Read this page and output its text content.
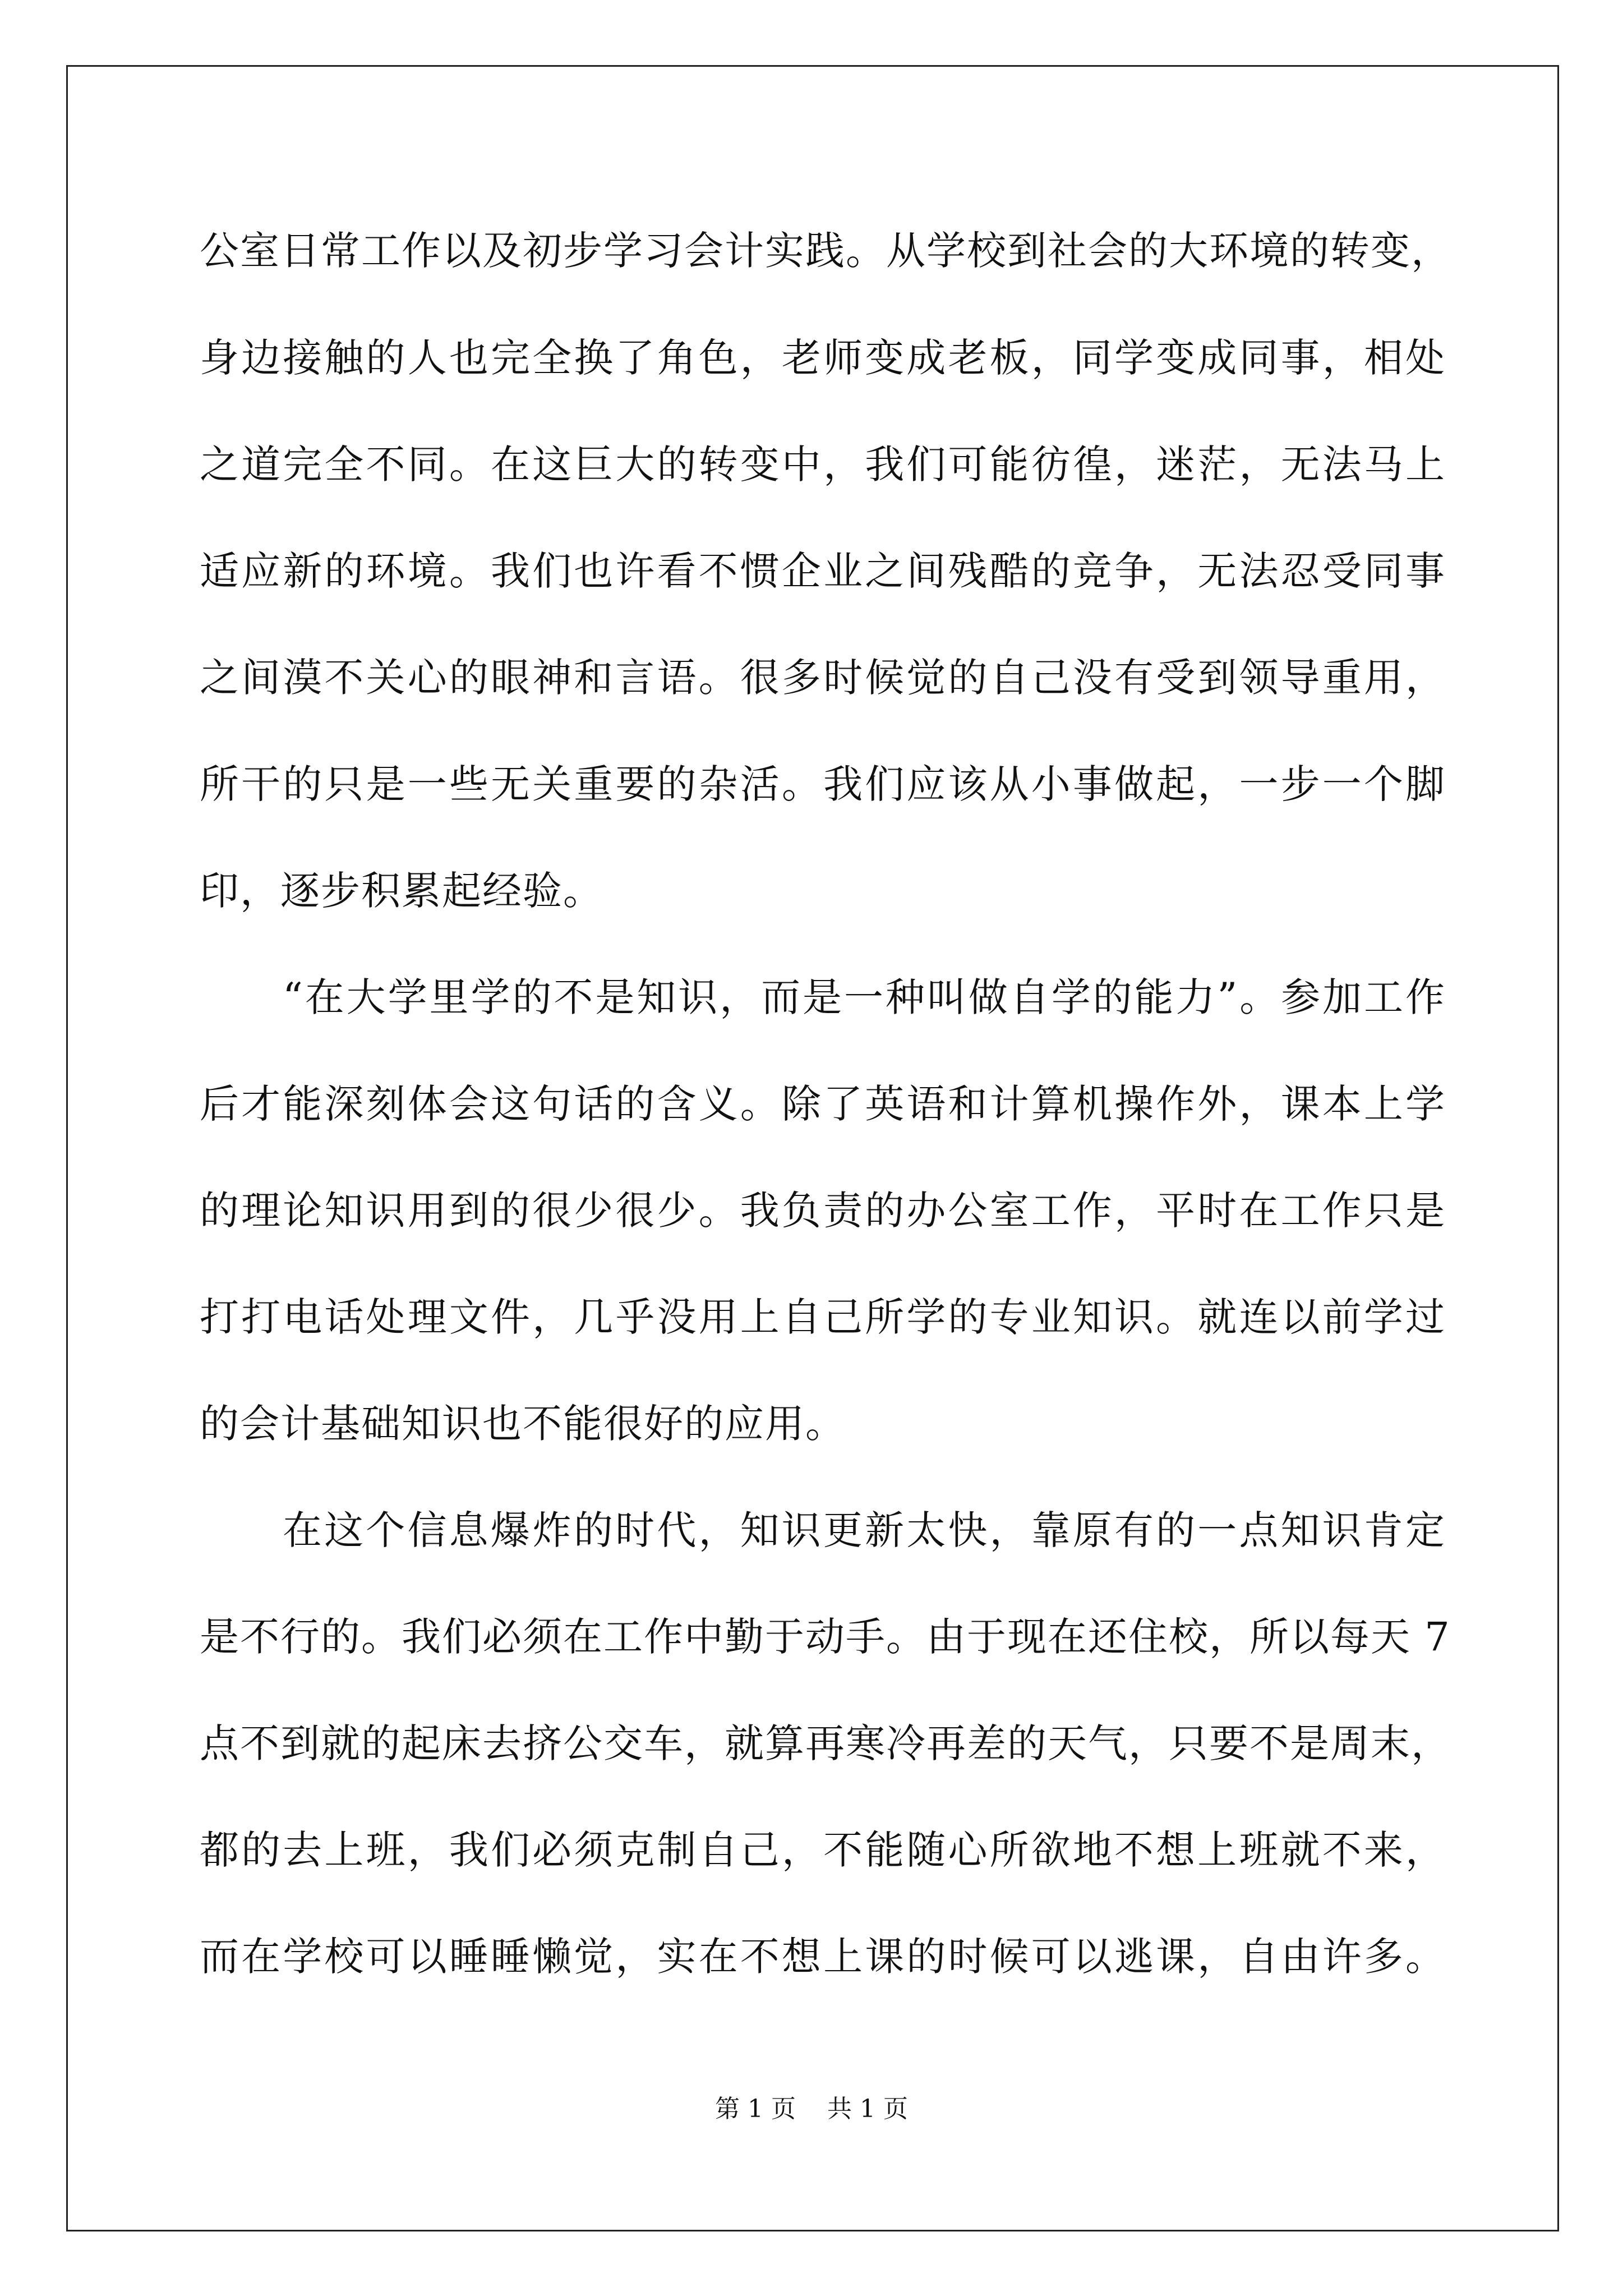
公室日常工作以及初步学习会计实践。从学校到社会的大环境的转变，
身边接触的人也完全换了角色，老师变成老板，同学变成同事，相处
之道完全不同。在这巨大的转变中，我们可能彷徨，迷茫，无法马上
适应新的环境。我们也许看不惯企业之间残酷的竞争，无法忍受同事
之间漠不关心的眼神和言语。很多时候觉的自己没有受到领导重用，
所干的只是一些无关重要的杂活。我们应该从小事做起，一步一个脚
印，逐步积累起经验。
“在大学里学的不是知识，而是一种叫做自学的能力”。参加工作
后才能深刻体会这句话的含义。除了英语和计算机操作外，课本上学
的理论知识用到的很少很少。我负责的办公室工作，平时在工作只是
打打电话处理文件，几乎没用上自己所学的专业知识。就连以前学过
的会计基础知识也不能很好的应用。
在这个信息爆炸的时代，知识更新太快，靠原有的一点知识肯定
是不行的。我们必须在工作中勤于动手。由于现在还住校，所以每天 7
点不到就的起床去挤公交车，就算再寒冷再差的天气，只要不是周末，
都的去上班，我们必须克制自己，不能随心所欲地不想上班就不来，
而在学校可以睡睡懒觉，实在不想上课的时候可以逃课，自由许多。
第 1 页 共 1 页
